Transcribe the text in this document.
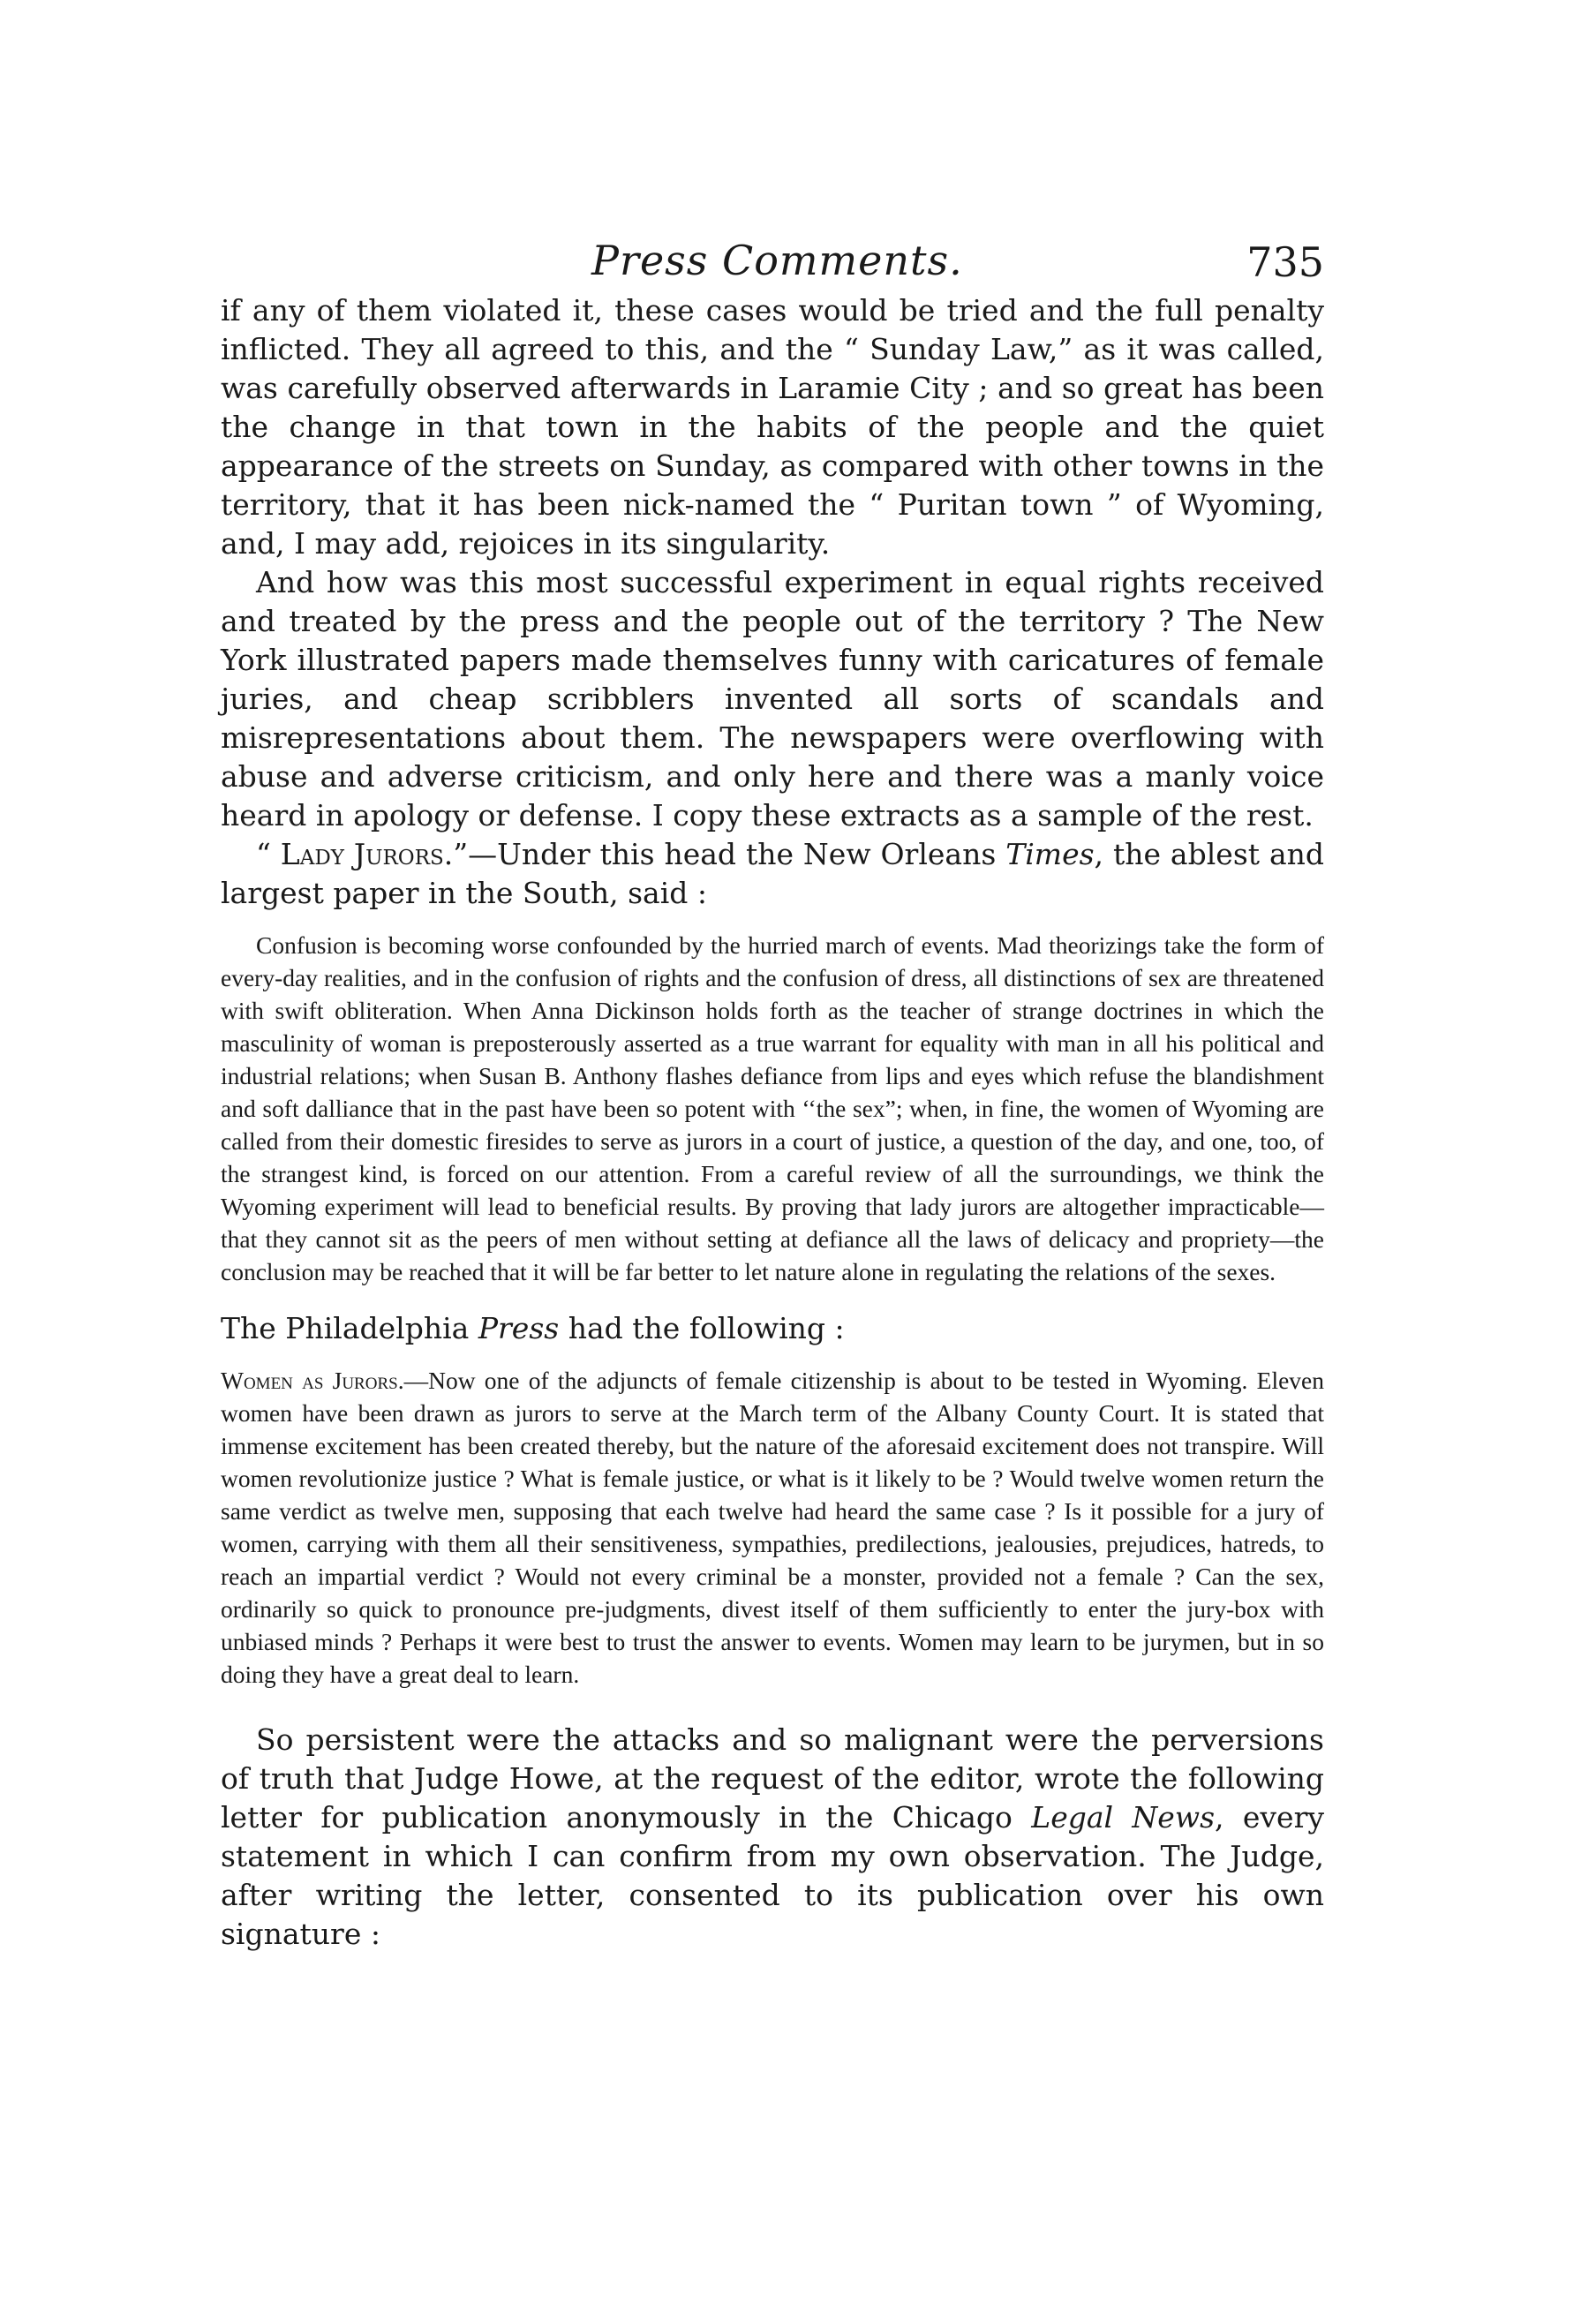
Press Comments.	735

if any of them violated it, these cases would be tried and the full penalty inflicted. They all agreed to this, and the “ Sunday Law,” as it was called, was carefully observed afterwards in Laramie City ; and so great has been the change in that town in the habits of the people and the quiet appearance of the streets on Sunday, as compared with other towns in the territory, that it has been nick-named the “ Puritan town ” of Wyoming, and, I may add, rejoices in its singularity.

And how was this most successful experiment in equal rights received and treated by the press and the people out of the territory ? The New York illustrated papers made themselves funny with caricatures of female juries, and cheap scribblers invented all sorts of scandals and misrepresentations about them. The newspapers were overflowing with abuse and adverse criticism, and only here and there was a manly voice heard in apology or defense. I copy these extracts as a sample of the rest.

“ Lady Jurors.”—Under this head the New Orleans Times, the ablest and largest paper in the South, said :

Confusion is becoming worse confounded by the hurried march of events. Mad theorizings take the form of every-day realities, and in the confusion of rights and the confusion of dress, all distinctions of sex are threatened with swift obliteration. When Anna Dickinson holds forth as the teacher of strange doctrines in which the masculinity of woman is preposterously asserted as a true warrant for equality with man in all his political and industrial relations; when Susan B. Anthony flashes defiance from lips and eyes which refuse the blandishment and soft dalliance that in the past have been so potent with ‘‘the sex”; when, in fine, the women of Wyoming are called from their domestic firesides to serve as jurors in a court of justice, a question of the day, and one, too, of the strangest kind, is forced on our attention. From a careful review of all the surroundings, we think the Wyoming experiment will lead to beneficial results. By proving that lady jurors are altogether impracticable—that they cannot sit as the peers of men without setting at defiance all the laws of delicacy and propriety—the conclusion may be reached that it will be far better to let nature alone in regulating the relations of the sexes.

The Philadelphia Press had the following :

Women as Jurors.—Now one of the adjuncts of female citizenship is about to be tested in Wyoming. Eleven women have been drawn as jurors to serve at the March term of the Albany County Court. It is stated that immense excitement has been created thereby, but the nature of the aforesaid excitement does not transpire. Will women revolutionize justice ? What is female justice, or what is it likely to be ? Would twelve women return the same verdict as twelve men, supposing that each twelve had heard the same case ? Is it possible for a jury of women, carrying with them all their sensitiveness, sympathies, predilections, jealousies, prejudices, hatreds, to reach an impartial verdict ? Would not every criminal be a monster, provided not a female ? Can the sex, ordinarily so quick to pronounce pre-judgments, divest itself of them sufficiently to enter the jury-box with unbiased minds ? Perhaps it were best to trust the answer to events. Women may learn to be jurymen, but in so doing they have a great deal to learn.

So persistent were the attacks and so malignant were the perversions of truth that Judge Howe, at the request of the editor, wrote the following letter for publication anonymously in the Chicago Legal News, every statement in which I can confirm from my own observation. The Judge, after writing the letter, consented to its publication over his own signature :
